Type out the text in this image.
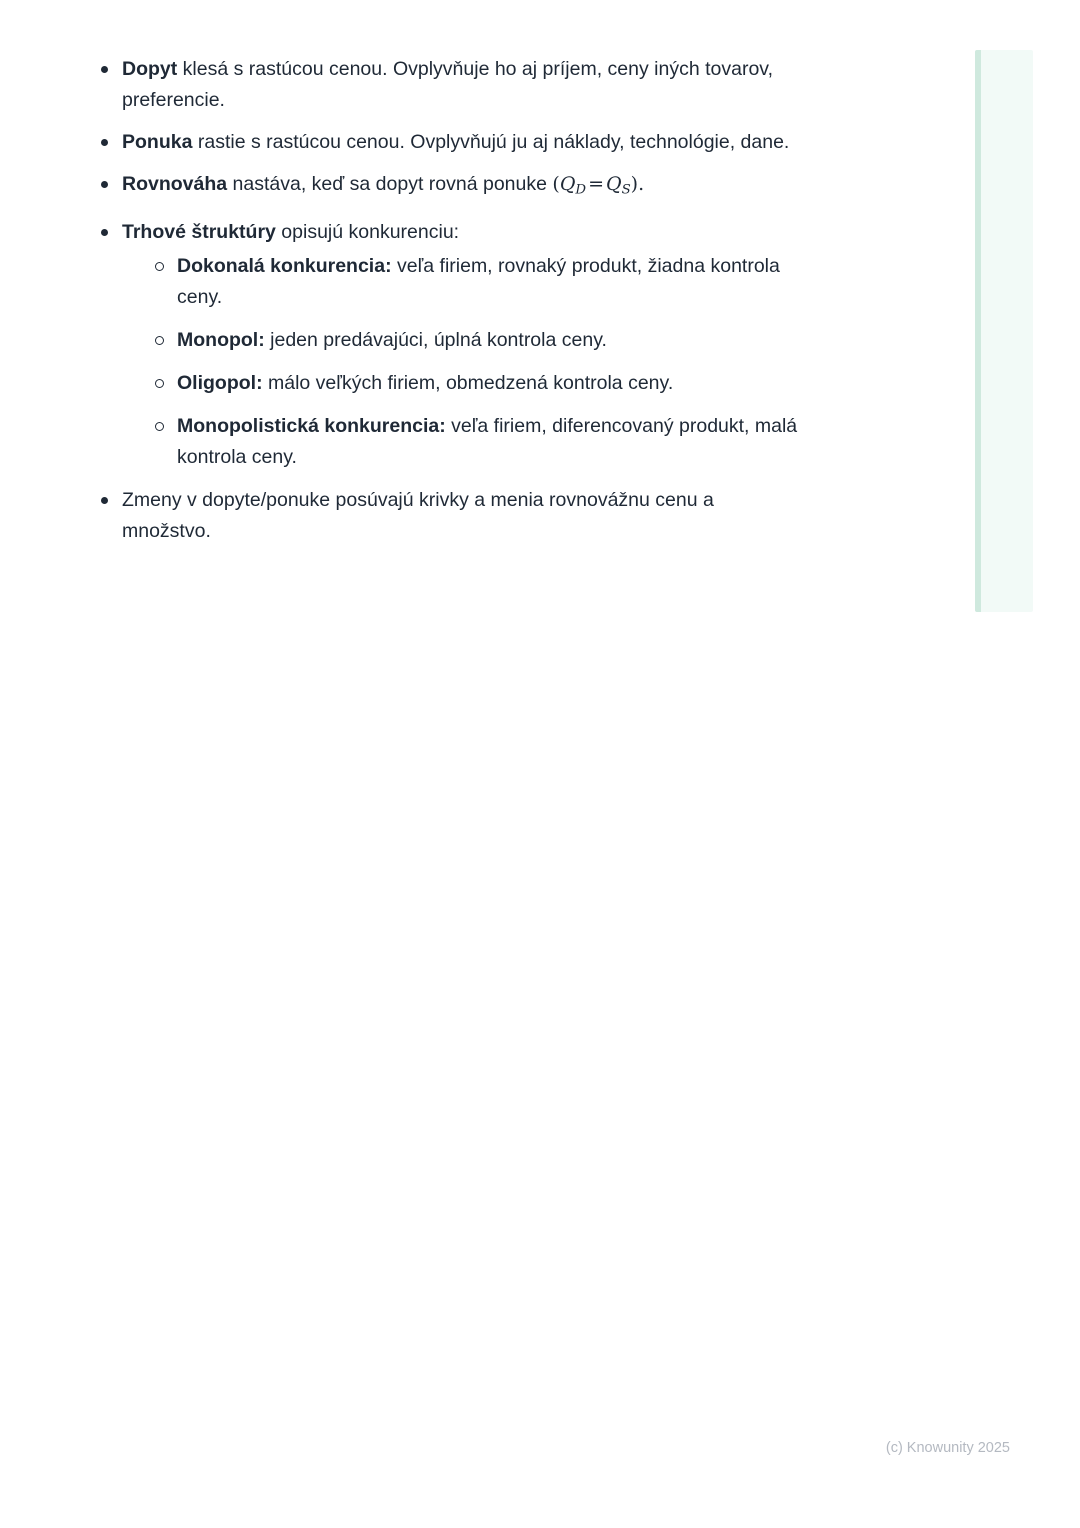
Dopyt klesá s rastúcou cenou. Ovplyvňuje ho aj príjem, ceny iných tovarov,
preferencie.
Ponuka rastie s rastúcou cenou. Ovplyvňujú ju aj náklady, technológie, dane.
Rovnováha nastáva, keď sa dopyt rovná ponuke (QD = QS).
Trhové štruktúry opisujú konkurenciu:
Dokonalá konkurencia: veľa firiem, rovnaký produkt, žiadna kontrola
ceny.
Monopol: jeden predávajúci, úplná kontrola ceny.
Oligopol: málo veľkých firiem, obmedzená kontrola ceny.
Monopolistická konkurencia: veľa firiem, diferencovaný produkt, malá
kontrola ceny.
Zmeny v dopyte/ponuke posúvajú krivky a menia rovnovážnu cenu a
množstvo.
(c) Knowunity 2025
